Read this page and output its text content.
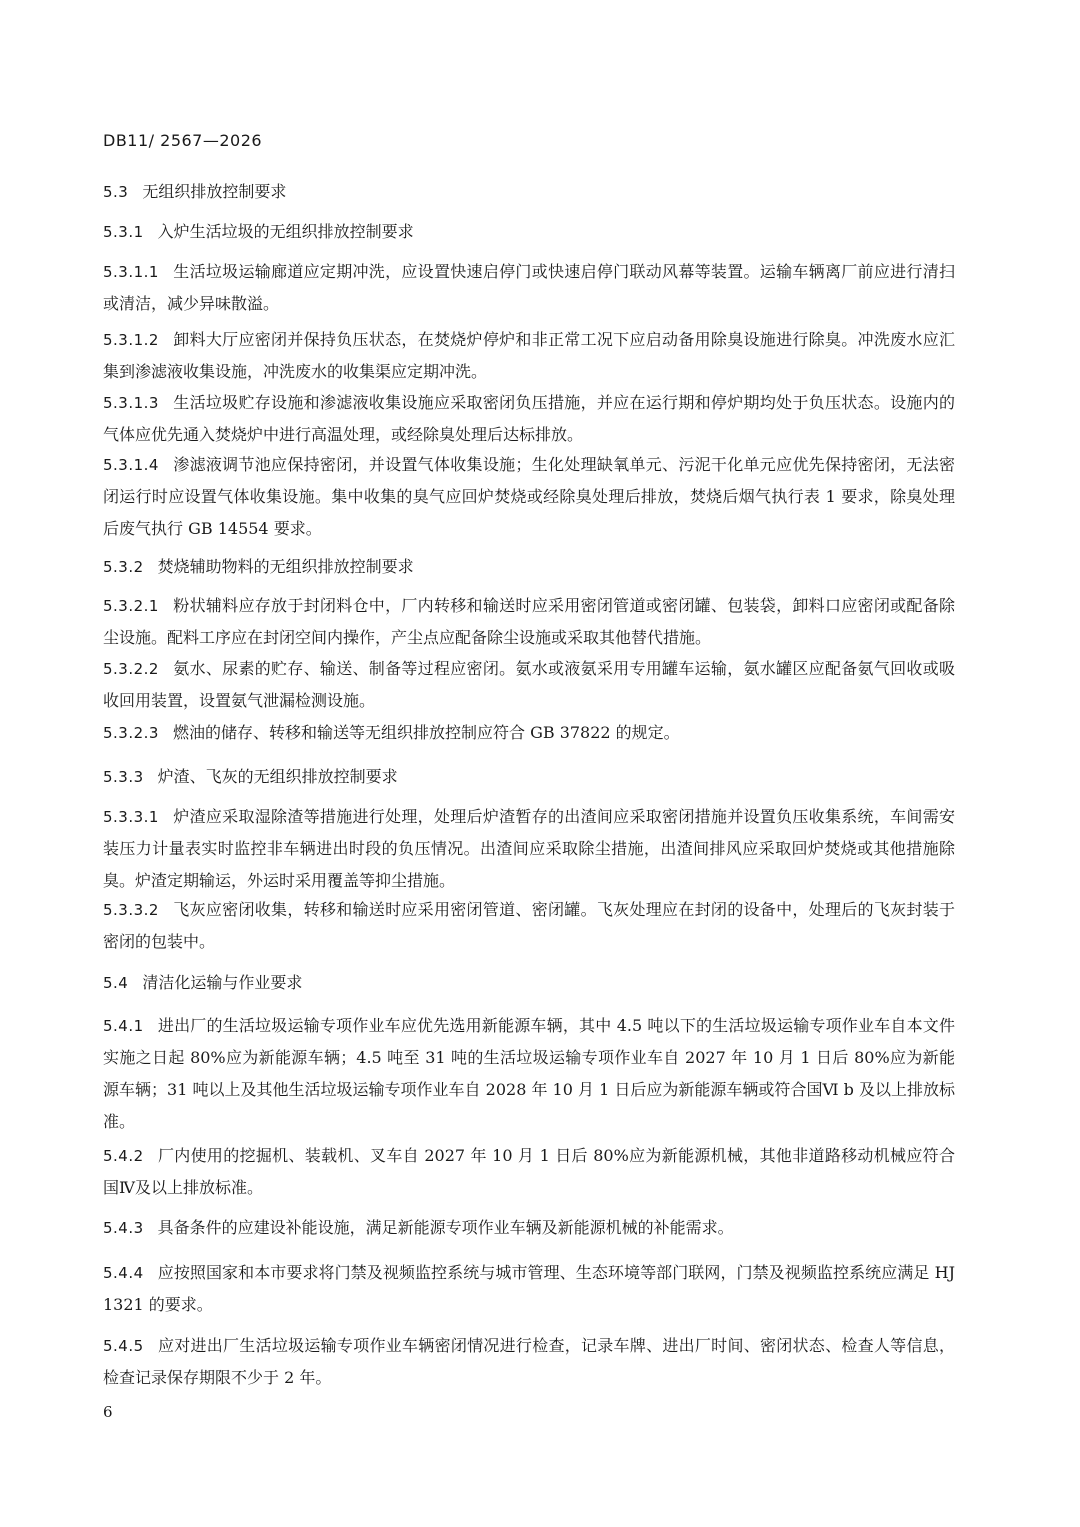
DB11/ 2567—2026
5.3 无组织排放控制要求
5.3.1 入炉生活垃圾的无组织排放控制要求
5.3.1.1 生活垃圾运输廊道应定期冲洗，应设置快速启停门或快速启停门联动风幕等装置。运输车辆离厂前应进行清扫或清洁，减少异味散溢。
5.3.1.2 卸料大厅应密闭并保持负压状态，在焚烧炉停炉和非正常工况下应启动备用除臭设施进行除臭。冲洗废水应汇集到渗滤液收集设施，冲洗废水的收集渠应定期冲洗。
5.3.1.3 生活垃圾贮存设施和渗滤液收集设施应采取密闭负压措施，并应在运行期和停炉期均处于负压状态。设施内的气体应优先通入焚烧炉中进行高温处理，或经除臭处理后达标排放。
5.3.1.4 渗滤液调节池应保持密闭，并设置气体收集设施；生化处理缺氧单元、污泥干化单元应优先保持密闭，无法密闭运行时应设置气体收集设施。集中收集的臭气应回炉焚烧或经除臭处理后排放，焚烧后烟气执行表 1 要求，除臭处理后废气执行 GB 14554 要求。
5.3.2 焚烧辅助物料的无组织排放控制要求
5.3.2.1 粉状辅料应存放于封闭料仓中，厂内转移和输送时应采用密闭管道或密闭罐、包装袋，卸料口应密闭或配备除尘设施。配料工序应在封闭空间内操作，产尘点应配备除尘设施或采取其他替代措施。
5.3.2.2 氨水、尿素的贮存、输送、制备等过程应密闭。氨水或液氨采用专用罐车运输，氨水罐区应配备氨气回收或吸收回用装置，设置氨气泄漏检测设施。
5.3.2.3 燃油的储存、转移和输送等无组织排放控制应符合 GB 37822 的规定。
5.3.3 炉渣、飞灰的无组织排放控制要求
5.3.3.1 炉渣应采取湿除渣等措施进行处理，处理后炉渣暂存的出渣间应采取密闭措施并设置负压收集系统，车间需安装压力计量表实时监控非车辆进出时段的负压情况。出渣间应采取除尘措施，出渣间排风应采取回炉焚烧或其他措施除臭。炉渣定期输运，外运时采用覆盖等抑尘措施。
5.3.3.2 飞灰应密闭收集，转移和输送时应采用密闭管道、密闭罐。飞灰处理应在封闭的设备中，处理后的飞灰封装于密闭的包装中。
5.4 清洁化运输与作业要求
5.4.1 进出厂的生活垃圾运输专项作业车应优先选用新能源车辆，其中 4.5 吨以下的生活垃圾运输专项作业车自本文件实施之日起 80%应为新能源车辆；4.5 吨至 31 吨的生活垃圾运输专项作业车自 2027 年 10 月 1 日后 80%应为新能源车辆；31 吨以上及其他生活垃圾运输专项作业车自 2028 年 10 月 1 日后应为新能源车辆或符合国Ⅵ b 及以上排放标准。
5.4.2 厂内使用的挖掘机、装载机、叉车自 2027 年 10 月 1 日后 80%应为新能源机械，其他非道路移动机械应符合国Ⅳ及以上排放标准。
5.4.3 具备条件的应建设补能设施，满足新能源专项作业车辆及新能源机械的补能需求。
5.4.4 应按照国家和本市要求将门禁及视频监控系统与城市管理、生态环境等部门联网，门禁及视频监控系统应满足 HJ 1321 的要求。
5.4.5 应对进出厂生活垃圾运输专项作业车辆密闭情况进行检查，记录车牌、进出厂时间、密闭状态、检查人等信息，检查记录保存期限不少于 2 年。
6
